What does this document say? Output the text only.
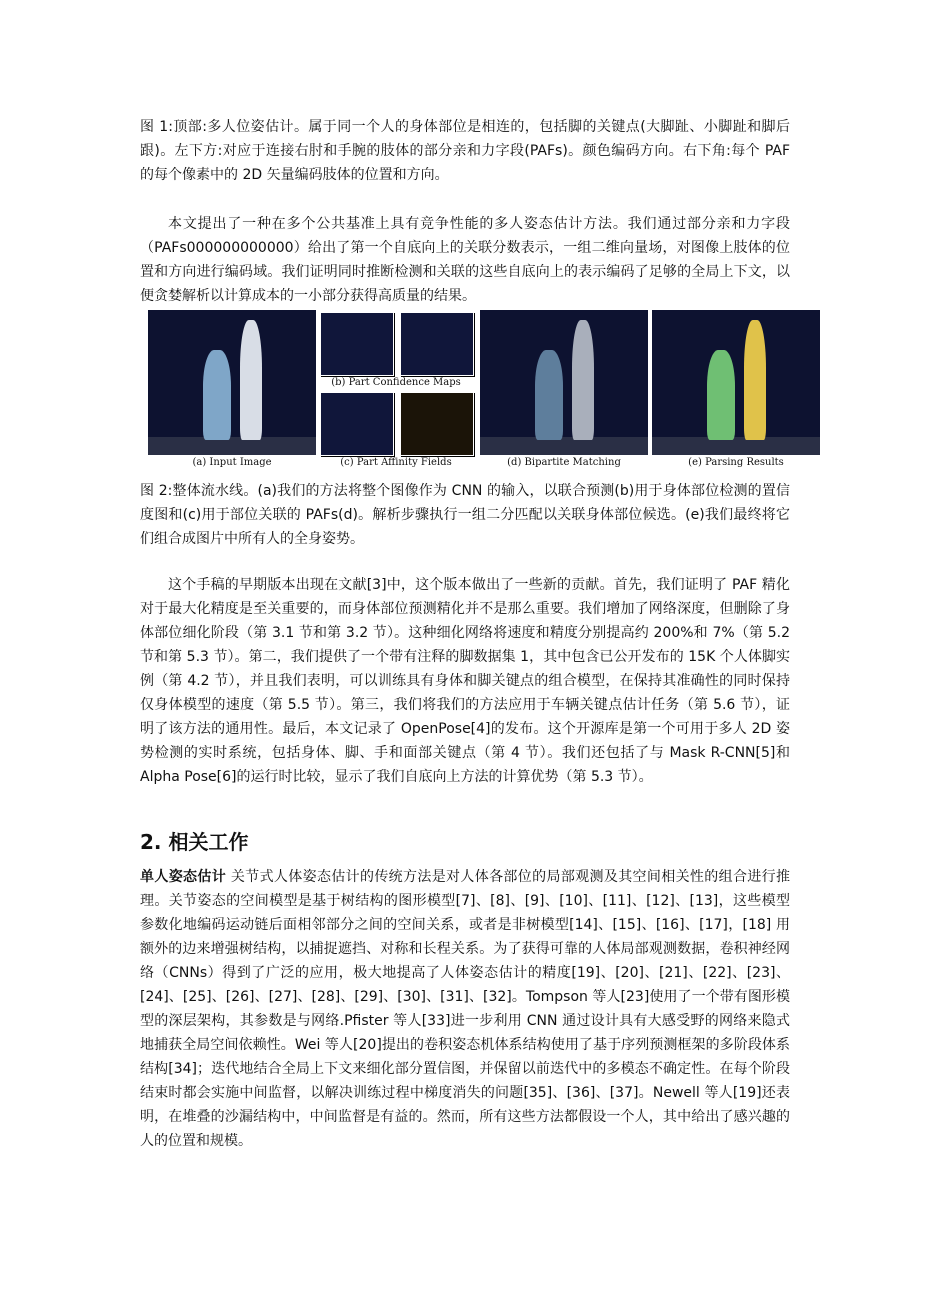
图 1:顶部:多人位姿估计。属于同一个人的身体部位是相连的，包括脚的关键点(大脚趾、小脚趾和脚后跟)。左下方:对应于连接右肘和手腕的肢体的部分亲和力字段(PAFs)。颜色编码方向。右下角:每个 PAF 的每个像素中的 2D 矢量编码肢体的位置和方向。

本文提出了一种在多个公共基准上具有竞争性能的多人姿态估计方法。我们通过部分亲和力字段（PAFs000000000000）给出了第一个自底向上的关联分数表示，一组二维向量场，对图像上肢体的位置和方向进行编码域。我们证明同时推断检测和关联的这些自底向上的表示编码了足够的全局上下文，以便贪婪解析以计算成本的一小部分获得高质量的结果。

(a) Input Image
(b) Part Confidence Maps
(c) Part Affinity Fields	(d) Bipartite Matching	(e) Parsing Results

图 2:整体流水线。(a)我们的方法将整个图像作为 CNN 的输入，以联合预测(b)用于身体部位检测的置信度图和(c)用于部位关联的 PAFs(d)。解析步骤执行一组二分匹配以关联身体部位候选。(e)我们最终将它们组合成图片中所有人的全身姿势。

这个手稿的早期版本出现在文献[3]中，这个版本做出了一些新的贡献。首先，我们证明了 PAF 精化对于最大化精度是至关重要的，而身体部位预测精化并不是那么重要。我们增加了网络深度，但删除了身体部位细化阶段（第 3.1 节和第 3.2 节）。这种细化网络将速度和精度分别提高约 200%和 7%（第 5.2 节和第 5.3 节）。第二，我们提供了一个带有注释的脚数据集 1，其中包含已公开发布的 15K 个人体脚实例（第 4.2 节），并且我们表明，可以训练具有身体和脚关键点的组合模型，在保持其准确性的同时保持仅身体模型的速度（第 5.5 节）。第三，我们将我们的方法应用于车辆关键点估计任务（第 5.6 节），证明了该方法的通用性。最后，本文记录了 OpenPose[4]的发布。这个开源库是第一个可用于多人 2D 姿势检测的实时系统，包括身体、脚、手和面部关键点（第 4 节）。我们还包括了与 Mask R-CNN[5]和 Alpha Pose[6]的运行时比较，显示了我们自底向上方法的计算优势（第 5.3 节）。

2. 相关工作

单人姿态估计 关节式人体姿态估计的传统方法是对人体各部位的局部观测及其空间相关性的组合进行推理。关节姿态的空间模型是基于树结构的图形模型[7]、[8]、[9]、[10]、[11]、[12]、[13]，这些模型参数化地编码运动链后面相邻部分之间的空间关系，或者是非树模型[14]、[15]、[16]、[17]，[18] 用额外的边来增强树结构，以捕捉遮挡、对称和长程关系。为了获得可靠的人体局部观测数据，卷积神经网络（CNNs）得到了广泛的应用，极大地提高了人体姿态估计的精度[19]、[20]、[21]、[22]、[23]、[24]、[25]、[26]、[27]、[28]、[29]、[30]、[31]、[32]。Tompson 等人[23]使用了一个带有图形模型的深层架构，其参数是与网络.Pfister 等人[33]进一步利用 CNN 通过设计具有大感受野的网络来隐式地捕获全局空间依赖性。Wei 等人[20]提出的卷积姿态机体系结构使用了基于序列预测框架的多阶段体系结构[34]；迭代地结合全局上下文来细化部分置信图，并保留以前迭代中的多模态不确定性。在每个阶段结束时都会实施中间监督，以解决训练过程中梯度消失的问题[35]、[36]、[37]。Newell 等人[19]还表明，在堆叠的沙漏结构中，中间监督是有益的。然而，所有这些方法都假设一个人，其中给出了感兴趣的人的位置和规模。
